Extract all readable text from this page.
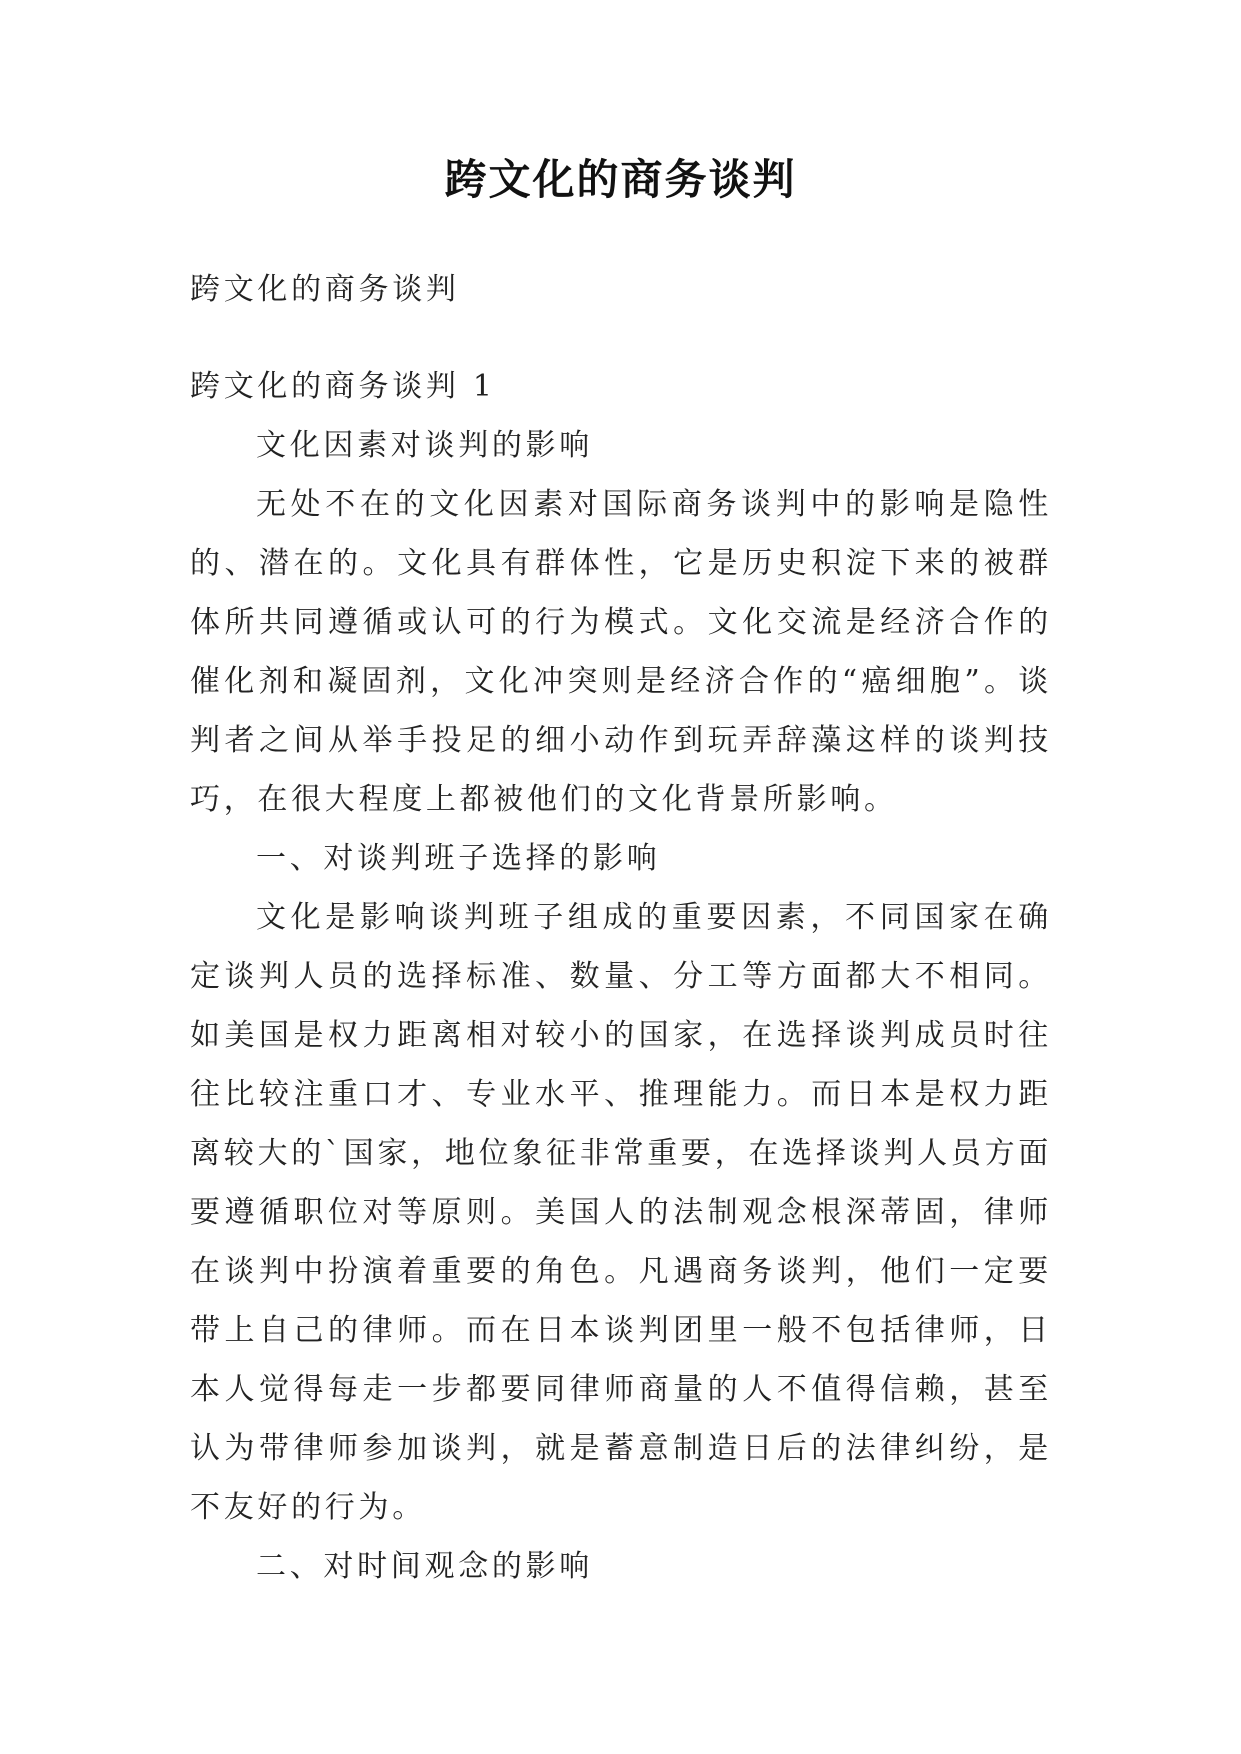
跨文化的商务谈判

跨文化的商务谈判

跨文化的商务谈判 1

文化因素对谈判的影响

无处不在的文化因素对国际商务谈判中的影响是隐性的、潜在的。文化具有群体性，它是历史积淀下来的被群体所共同遵循或认可的行为模式。文化交流是经济合作的催化剂和凝固剂，文化冲突则是经济合作的“癌细胞”。谈判者之间从举手投足的细小动作到玩弄辞藻这样的谈判技巧，在很大程度上都被他们的文化背景所影响。

一、对谈判班子选择的影响

文化是影响谈判班子组成的重要因素，不同国家在确定谈判人员的选择标准、数量、分工等方面都大不相同。如美国是权力距离相对较小的国家，在选择谈判成员时往往比较注重口才、专业水平、推理能力。而日本是权力距离较大的`国家，地位象征非常重要，在选择谈判人员方面要遵循职位对等原则。美国人的法制观念根深蒂固，律师在谈判中扮演着重要的角色。凡遇商务谈判，他们一定要带上自己的律师。而在日本谈判团里一般不包括律师，日本人觉得每走一步都要同律师商量的人不值得信赖，甚至认为带律师参加谈判，就是蓄意制造日后的法律纠纷，是不友好的行为。

二、对时间观念的影响
